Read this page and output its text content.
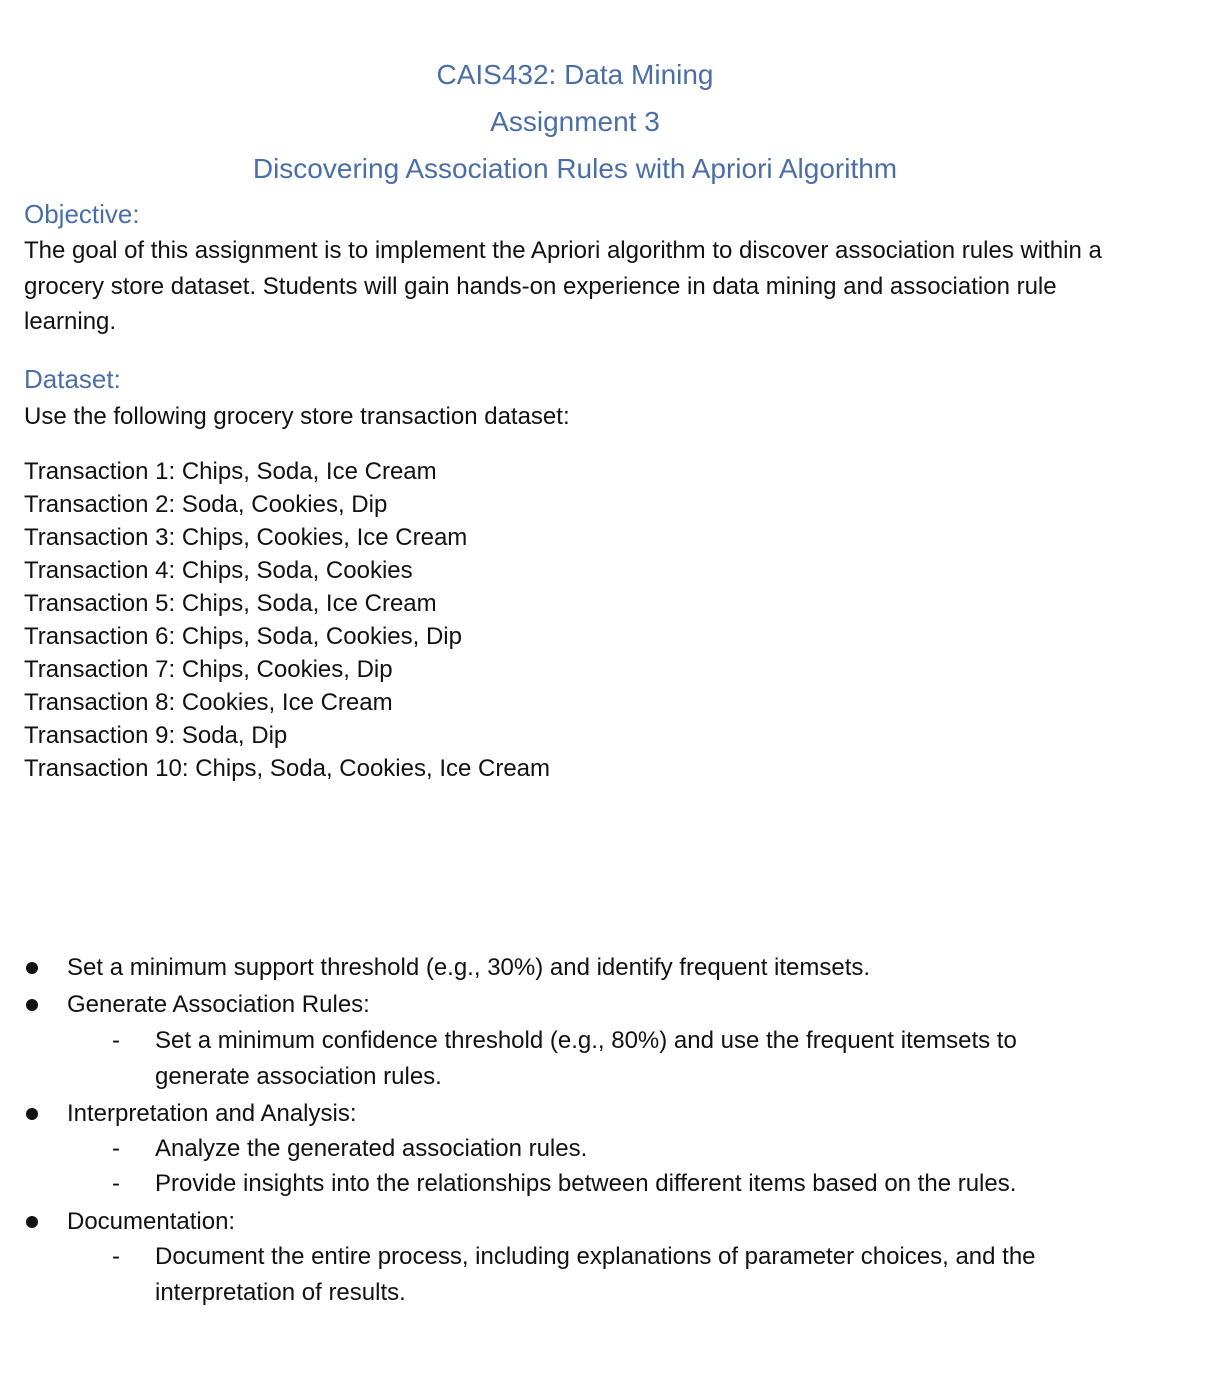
CAIS432: Data Mining
Assignment 3
Discovering Association Rules with Apriori Algorithm
Objective:
The goal of this assignment is to implement the Apriori algorithm to discover association rules within a grocery store dataset. Students will gain hands-on experience in data mining and association rule learning.
Dataset:
Use the following grocery store transaction dataset:
Transaction 1: Chips, Soda, Ice Cream
Transaction 2: Soda, Cookies, Dip
Transaction 3: Chips, Cookies, Ice Cream
Transaction 4: Chips, Soda, Cookies
Transaction 5: Chips, Soda, Ice Cream
Transaction 6: Chips, Soda, Cookies, Dip
Transaction 7: Chips, Cookies, Dip
Transaction 8: Cookies, Ice Cream
Transaction 9: Soda, Dip
Transaction 10: Chips, Soda, Cookies, Ice Cream
Set a minimum support threshold (e.g., 30%) and identify frequent itemsets.
Generate Association Rules:
- Set a minimum confidence threshold (e.g., 80%) and use the frequent itemsets to generate association rules.
Interpretation and Analysis:
- Analyze the generated association rules.
- Provide insights into the relationships between different items based on the rules.
Documentation:
- Document the entire process, including explanations of parameter choices, and the interpretation of results.
